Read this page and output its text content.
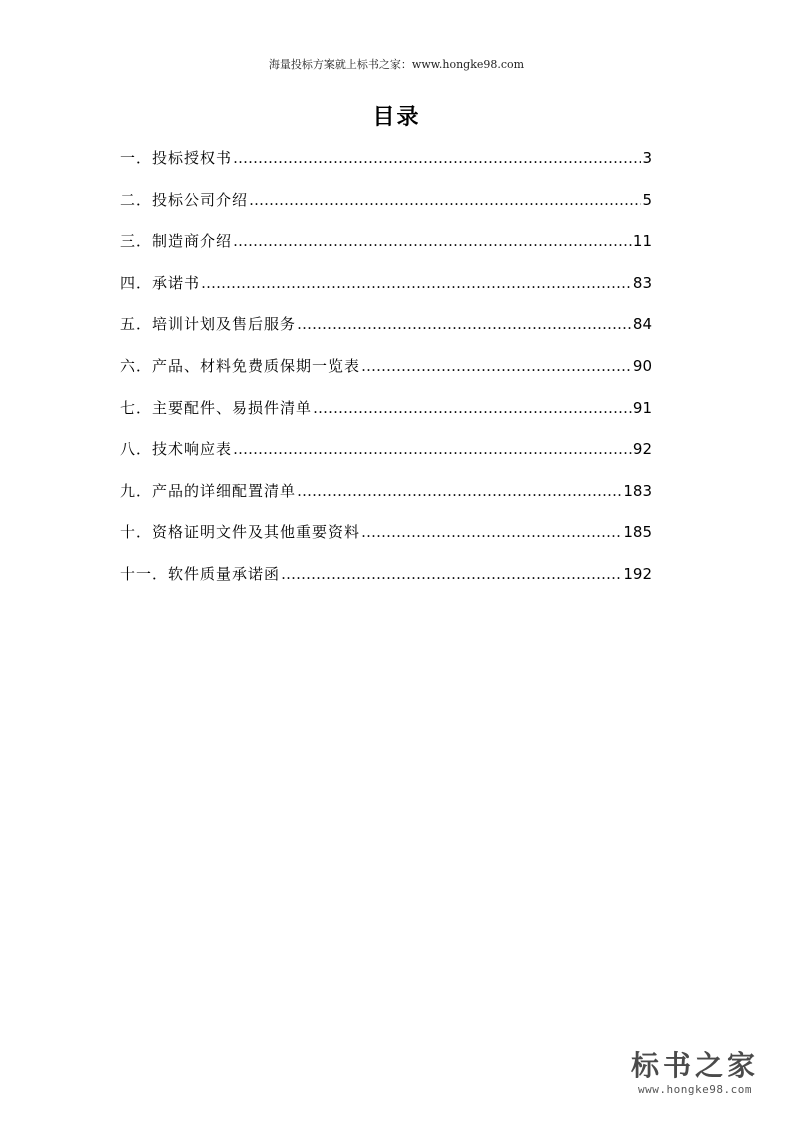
海量投标方案就上标书之家：www.hongke98.com
目录
一．投标授权书 ………………………………………………………………………………………………………………………………………………………………	3
二．投标公司介绍 ………………………………………………………………………………………………………………………………………………………………	5
三．制造商介绍 ………………………………………………………………………………………………………………………………………………………………	11
四．承诺书 ………………………………………………………………………………………………………………………………………………………………	83
五．培训计划及售后服务 ………………………………………………………………………………………………………………………………………………………………	84
六．产品、材料免费质保期一览表 ………………………………………………………………………………………………………………………………………………………………	90
七．主要配件、易损件清单 ………………………………………………………………………………………………………………………………………………………………	91
八．技术响应表 ………………………………………………………………………………………………………………………………………………………………	92
九．产品的详细配置清单 ………………………………………………………………………………………………………………………………………………………………	183
十．资格证明文件及其他重要资料 ………………………………………………………………………………………………………………………………………………………………	185
十一．软件质量承诺函 ………………………………………………………………………………………………………………………………………………………………	192
标书之家
www.hongke98.com
